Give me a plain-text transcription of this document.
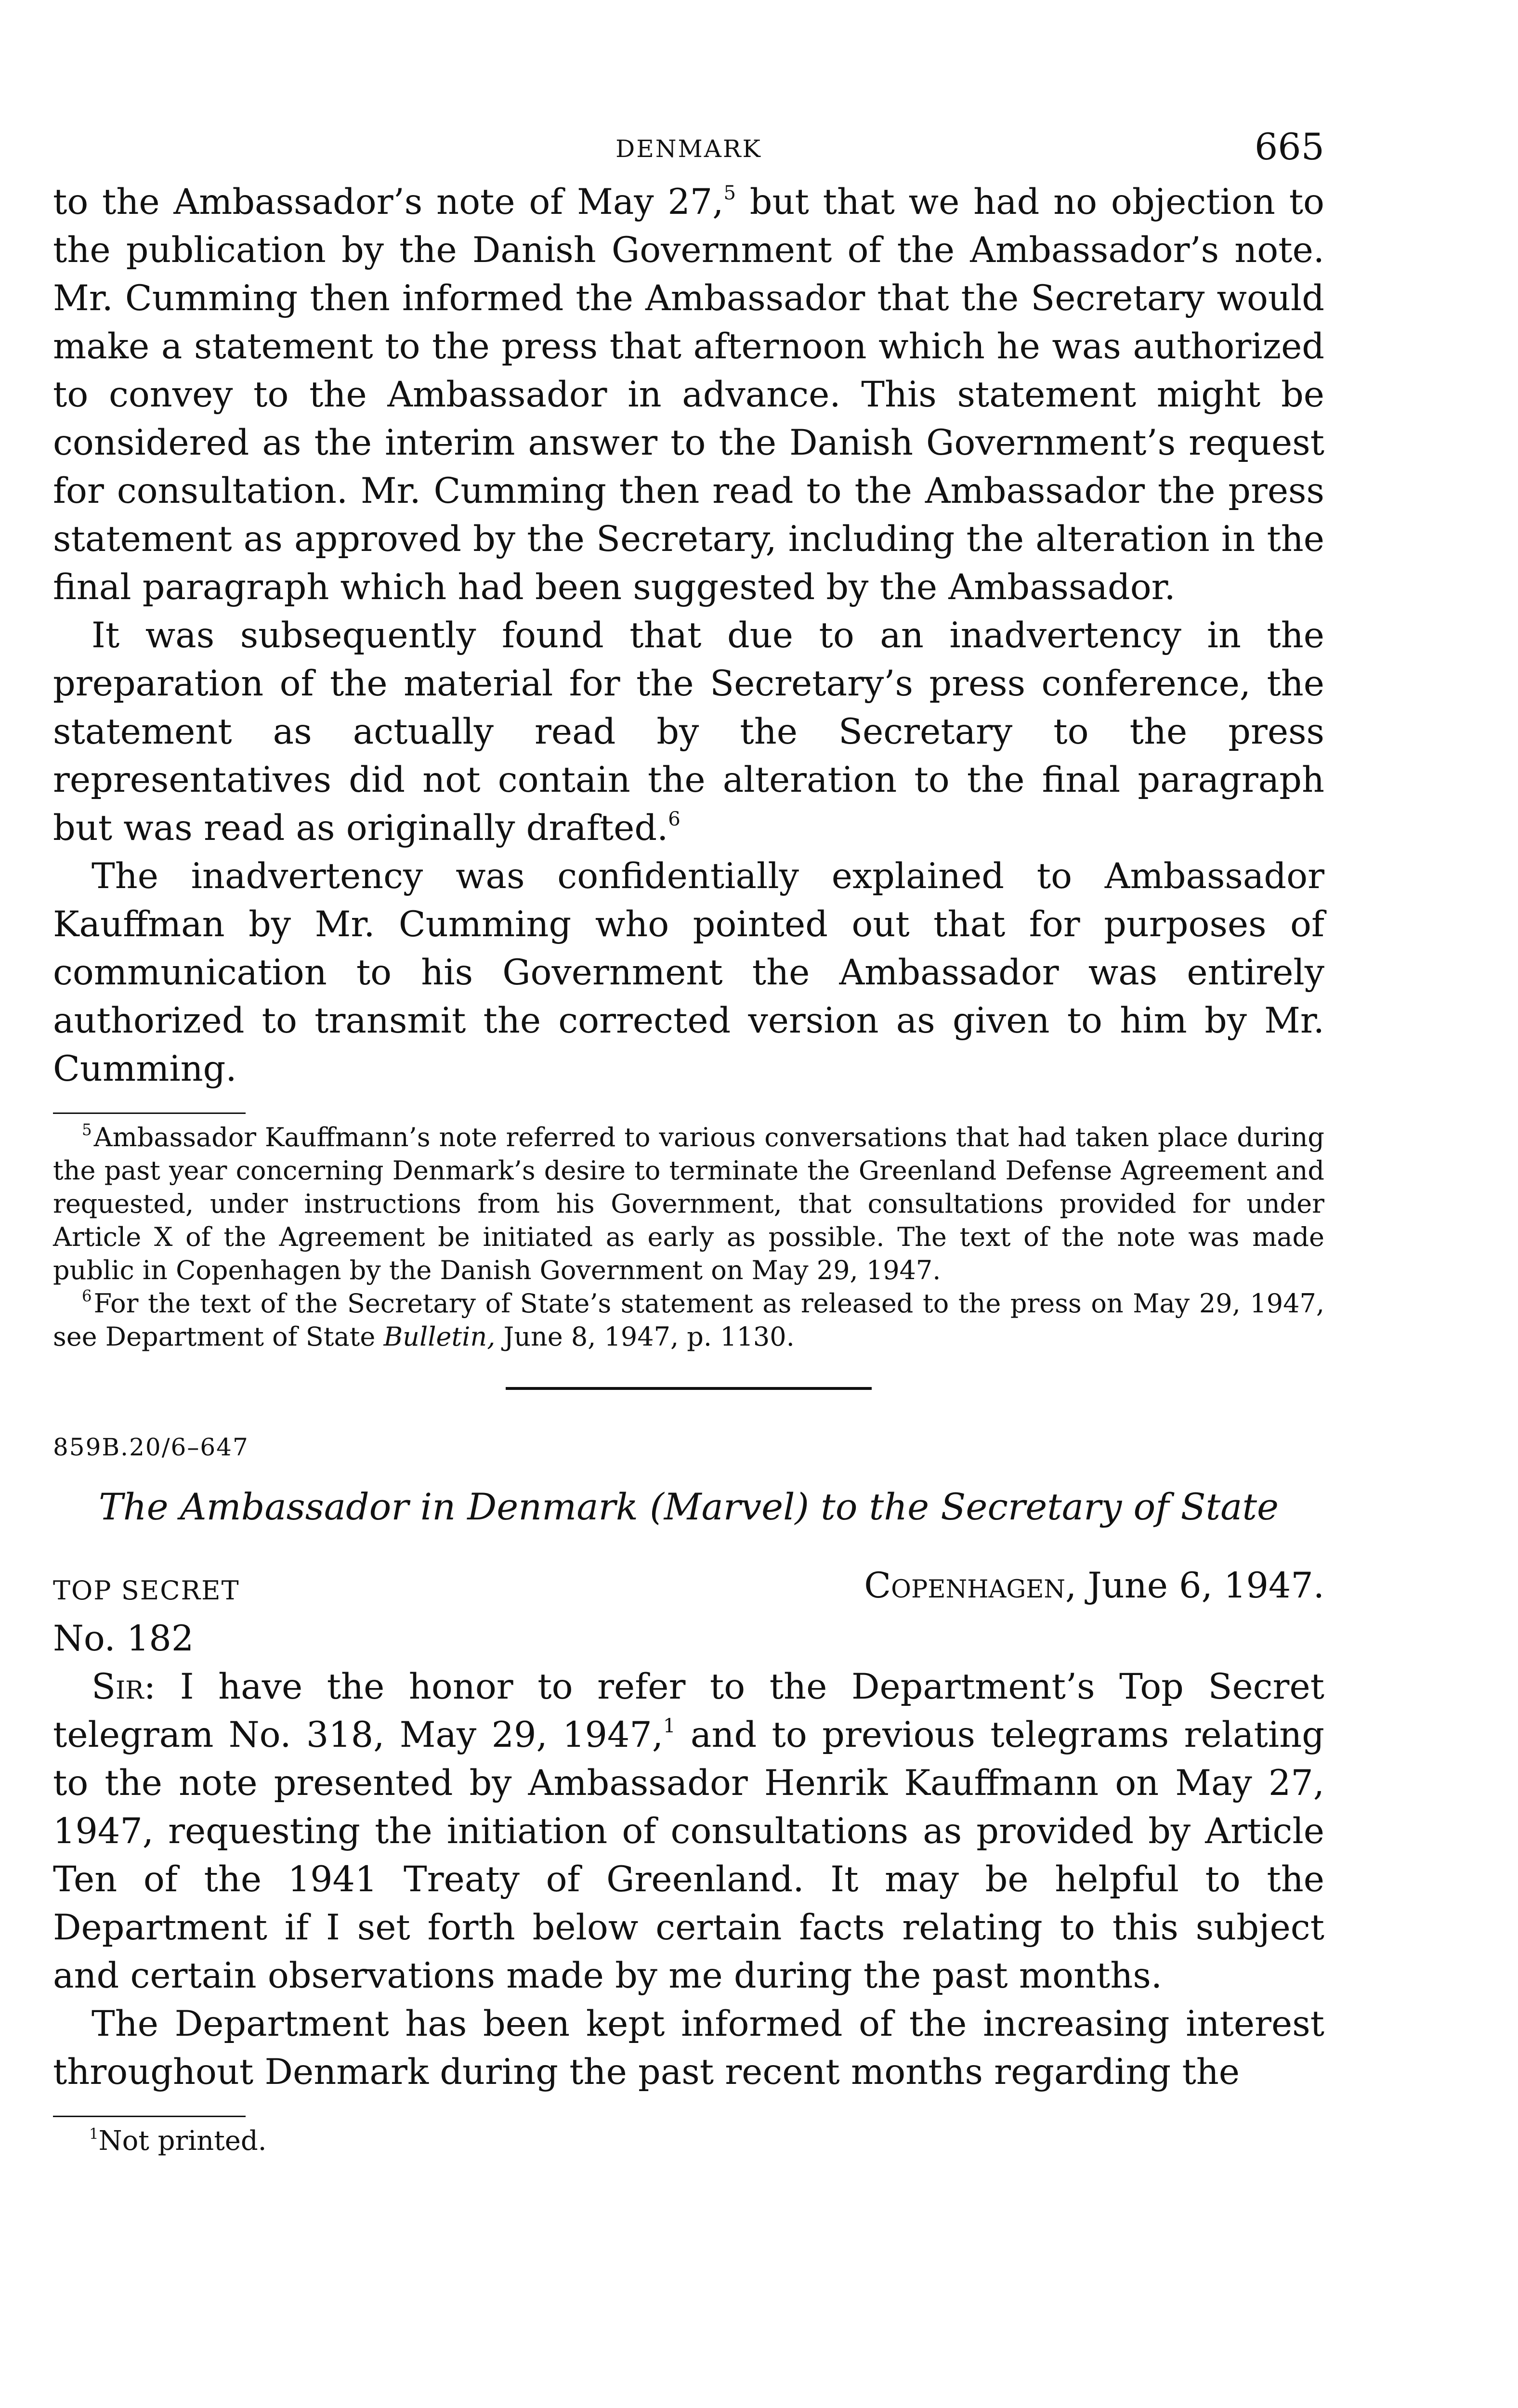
DENMARK	665

to the Ambassador’s note of May 27,$^5$ but that we had no objection to the publication by the Danish Government of the Ambassador’s note. Mr. Cumming then informed the Ambassador that the Secretary would make a statement to the press that afternoon which he was authorized to convey to the Ambassador in advance. This statement might be considered as the interim answer to the Danish Government’s request for consultation. Mr. Cumming then read to the Ambassador the press statement as approved by the Secretary, including the alteration in the final paragraph which had been suggested by the Ambassador.

It was subsequently found that due to an inadvertency in the preparation of the material for the Secretary’s press conference, the statement as actually read by the Secretary to the press representatives did not contain the alteration to the final paragraph but was read as originally drafted.$^6$

The inadvertency was confidentially explained to Ambassador Kauffman by Mr. Cumming who pointed out that for purposes of communication to his Government the Ambassador was entirely authorized to transmit the corrected version as given to him by Mr. Cumming.

$^5$Ambassador Kauffmann’s note referred to various conversations that had taken place during the past year concerning Denmark’s desire to terminate the Greenland Defense Agreement and requested, under instructions from his Government, that consultations provided for under Article X of the Agreement be initiated as early as possible. The text of the note was made public in Copenhagen by the Danish Government on May 29, 1947.

$^6$For the text of the Secretary of State’s statement as released to the press on May 29, 1947, see Department of State Bulletin, June 8, 1947, p. 1130.

859B.20/6–647
The Ambassador in Denmark (Marvel) to the Secretary of State
TOP SECRET	Copenhagen, June 6, 1947.
No. 182

Sir: I have the honor to refer to the Department’s Top Secret telegram No. 318, May 29, 1947,$^1$ and to previous telegrams relating to the note presented by Ambassador Henrik Kauffmann on May 27, 1947, requesting the initiation of consultations as provided by Article Ten of the 1941 Treaty of Greenland. It may be helpful to the Department if I set forth below certain facts relating to this subject and certain observations made by me during the past months.

The Department has been kept informed of the increasing interest throughout Denmark during the past recent months regarding the

$^1$Not printed.
